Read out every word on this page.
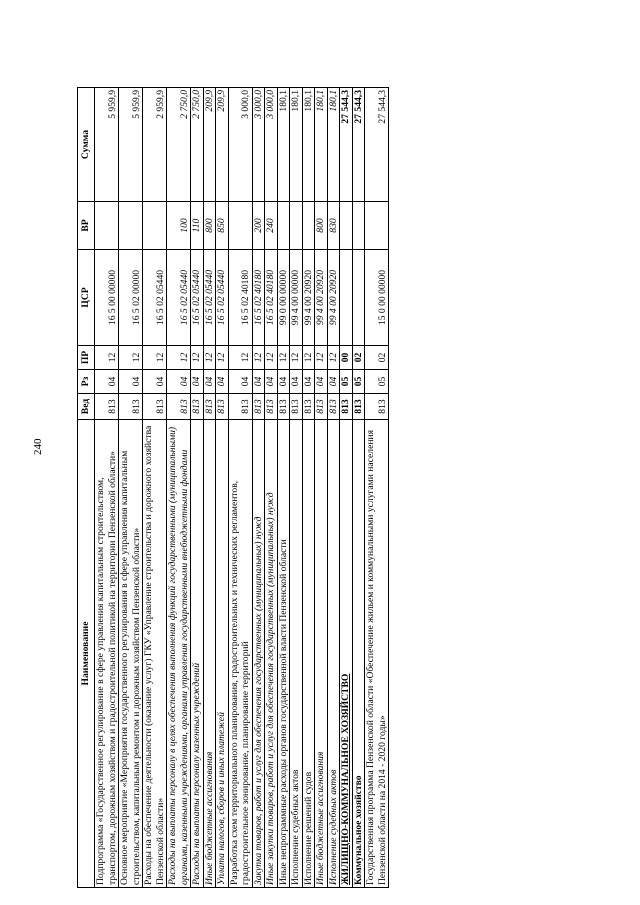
240
Наименование	Вед	Рз	ПР	ЦСР	ВР	Сумма
Подпрограмма «Государственное регулирование в сфере управления капитальным строительством, транспортом, дорожным хозяйством и градостроительной политикой на территории Пензенской области»	813	04	12	16 5 00 00000		5 959,9
Основное мероприятие «Мероприятия государственного регулирования в сфере управления капитальным строительством, капитальным ремонтом и дорожным хозяйством Пензенской области»	813	04	12	16 5 02 00000		5 959,9
Расходы на обеспечение деятельности (оказание услуг) ГКУ «Управление строительства и дорожного хозяйства Пензенской области»	813	04	12	16 5 02 05440		2 959,9
Расходы на выплаты персоналу в целях обеспечения выполнения функций государственными (муниципальными) органами, казенными учреждениями, органами управления государственными внебюджетными фондами	813	04	12	16 5 02 05440	100	2 750,0
Расходы на выплаты персоналу казенных учреждений	813	04	12	16 5 02 05440	110	2 750,0
Иные бюджетные ассигнования	813	04	12	16 5 02 05440	800	209,9
Уплата налогов, сборов и иных платежей	813	04	12	16 5 02 05440	850	209,9
Разработка схем территориального планирования, градостроительных и технических регламентов, градостроительное зонирование, планирование территорий	813	04	12	16 5 02 40180		3 000,0
Закупка товаров, работ и услуг для обеспечения государственных (муниципальных) нужд	813	04	12	16 5 02 40180	200	3 000,0
Иные закупки товаров, работ и услуг для обеспечения государственных (муниципальных) нужд	813	04	12	16 5 02 40180	240	3 000,0
Иные непрограммные расходы органов государственной власти Пензенской области	813	04	12	99 0 00 00000		180,1
Исполнение судебных актов	813	04	12	99 4 00 00000		180,1
Исполнение решений судов	813	04	12	99 4 00 20920		180,1
Иные бюджетные ассигнования	813	04	12	99 4 00 20920	800	180,1
Исполнение судебных актов	813	04	12	99 4 00 20920	830	180,1
ЖИЛИЩНО-КОММУНАЛЬНОЕ ХОЗЯЙСТВО	813	05	00			27 544,3
Коммунальное хозяйство	813	05	02			27 544,3
Государственная программа Пензенской области «Обеспечение жильем и коммунальными услугами населения Пензенской области на 2014 - 2020 годы»	813	05	02	15 0 00 00000		27 544,3
